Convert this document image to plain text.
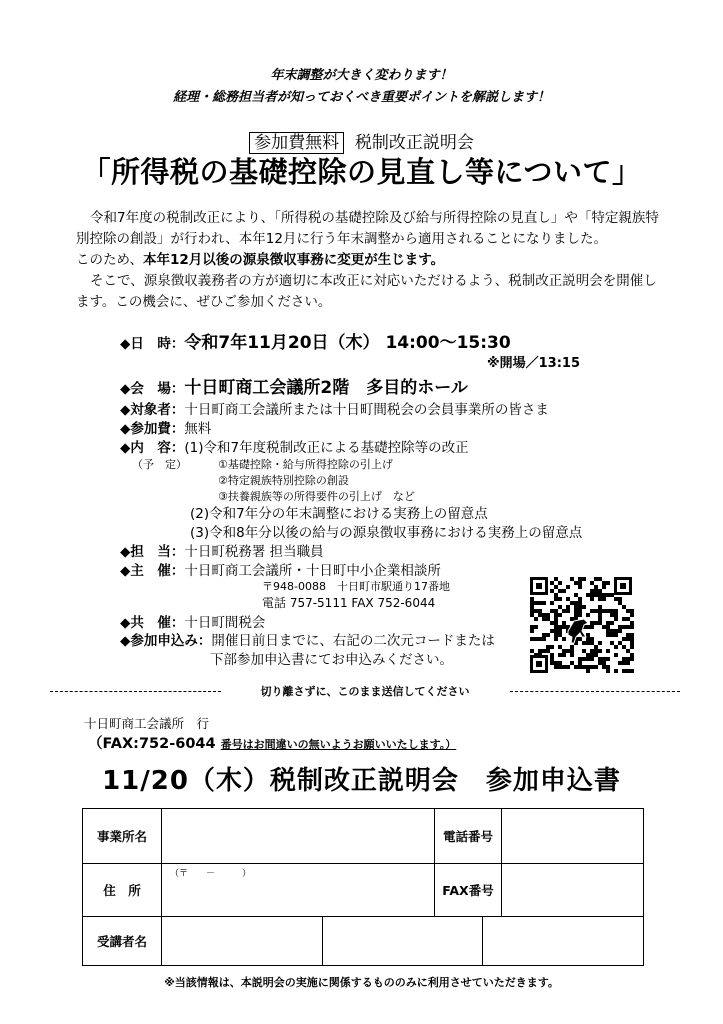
年末調整が大きく変わります！
経理・総務担当者が知っておくべき重要ポイントを解説します！
参加費無料 税制改正説明会
「所得税の基礎控除の見直し等について」

令和7年度の税制改正により、「所得税の基礎控除及び給与所得控除の見直し」や「特定親族特別控除の創設」が行われ、本年12月に行う年末調整から適用されることになりました。

このため、本年12月以後の源泉徴収事務に変更が生じます。

そこで、源泉徴収義務者の方が適切に本改正に対応いただけるよう、税制改正説明会を開催します。この機会に、ぜひご参加ください。

◆日　時：令和7年11月20日（木） 14:00～15:30
※開場／13:15
◆会　場：十日町商工会議所2階　多目的ホール
◆対象者：十日町商工会議所または十日町間税会の会員事業所の皆さま
◆参加費：無料
◆内　容：(1)令和7年度税制改正による基礎控除等の改正
（予　定）	①基礎控除・給与所得控除の引上げ
②特定親族特別控除の創設
③扶養親族等の所得要件の引上げ　など
(2)令和7年分の年末調整における実務上の留意点
(3)令和8年分以後の給与の源泉徴収事務における実務上の留意点
◆担　当：十日町税務署 担当職員
◆主　催：十日町商工会議所・十日町中小企業相談所
〒948-0088　十日町市駅通り17番地
電話 757-5111 FAX 752-6044
◆共　催：十日町間税会
◆参加申込み：開催日前日までに、右記の二次元コードまたは
下部参加申込書にてお申込みください。
切り離さずに、このまま送信してください
十日町商工会議所　行
（FAX:752-6044 番号はお間違いの無いようお願いいたします。）
11/20（木）税制改正説明会　参加申込書
事業所名		電話番号	
住　所	（〒　　－　　　）	FAX番号	
受講者名			
※当該情報は、本説明会の実施に関係するもののみに利用させていただきます。
